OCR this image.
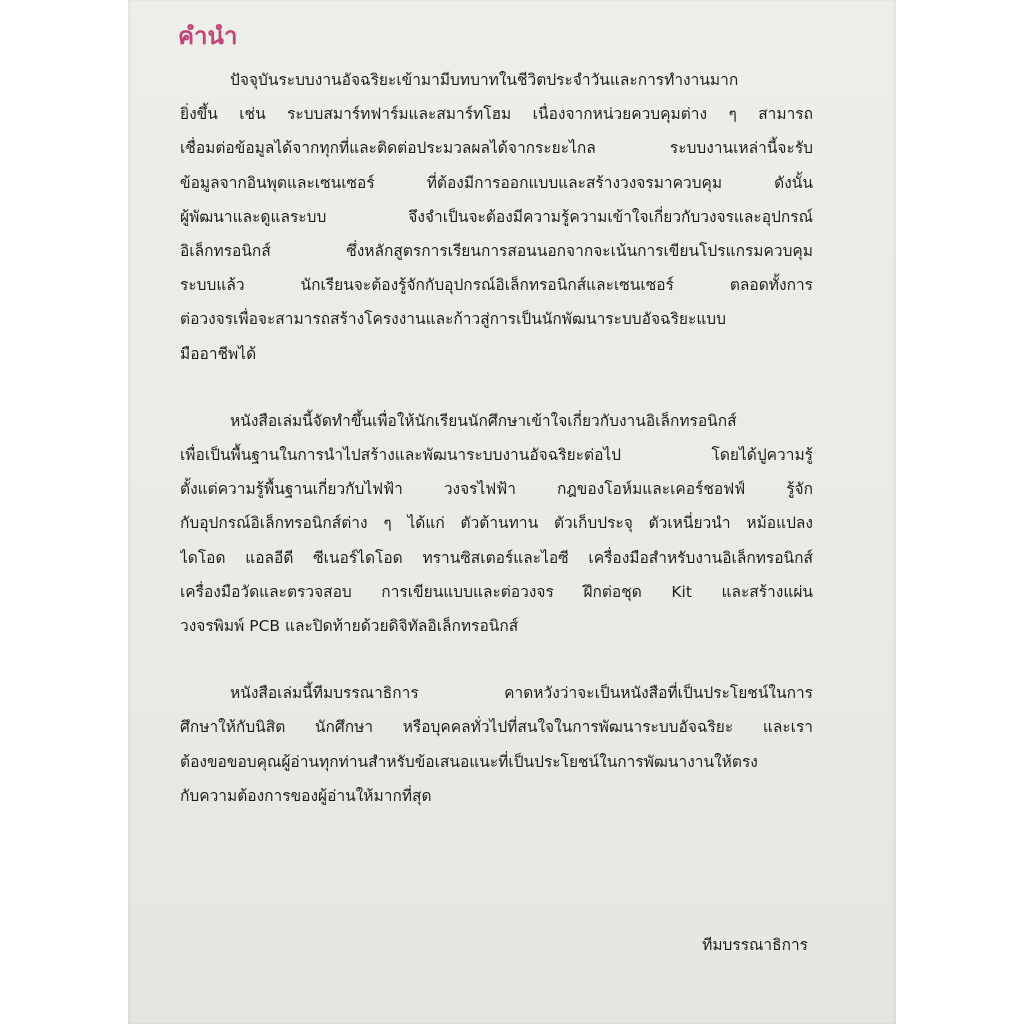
คำนำ
ปัจจุบันระบบงานอัจฉริยะเข้ามามีบทบาทในชีวิตประจำวันและการทำงานมาก
ยิ่งขึ้น เช่น ระบบสมาร์ทฟาร์มและสมาร์ทโฮม เนื่องจากหน่วยควบคุมต่าง ๆ สามารถ
เชื่อมต่อข้อมูลได้จากทุกที่และติดต่อประมวลผลได้จากระยะไกล ระบบงานเหล่านี้จะรับ
ข้อมูลจากอินพุตและเซนเซอร์ ที่ต้องมีการออกแบบและสร้างวงจรมาควบคุม ดังนั้น
ผู้พัฒนาและดูแลระบบ จึงจำเป็นจะต้องมีความรู้ความเข้าใจเกี่ยวกับวงจรและอุปกรณ์
อิเล็กทรอนิกส์ ซึ่งหลักสูตรการเรียนการสอนนอกจากจะเน้นการเขียนโปรแกรมควบคุม
ระบบแล้ว นักเรียนจะต้องรู้จักกับอุปกรณ์อิเล็กทรอนิกส์และเซนเซอร์ ตลอดทั้งการ
ต่อวงจรเพื่อจะสามารถสร้างโครงงานและก้าวสู่การเป็นนักพัฒนาระบบอัจฉริยะแบบ
มืออาชีพได้
หนังสือเล่มนี้จัดทำขึ้นเพื่อให้นักเรียนนักศึกษาเข้าใจเกี่ยวกับงานอิเล็กทรอนิกส์
เพื่อเป็นพื้นฐานในการนำไปสร้างและพัฒนาระบบงานอัจฉริยะต่อไป โดยได้ปูความรู้
ตั้งแต่ความรู้พื้นฐานเกี่ยวกับไฟฟ้า วงจรไฟฟ้า กฎของโอห์มและเคอร์ชอฟฟ์ รู้จัก
กับอุปกรณ์อิเล็กทรอนิกส์ต่าง ๆ ได้แก่ ตัวต้านทาน ตัวเก็บประจุ ตัวเหนี่ยวนำ หม้อแปลง
ไดโอด แอลอีดี ซีเนอร์ไดโอด ทรานซิสเตอร์และไอซี เครื่องมือสำหรับงานอิเล็กทรอนิกส์
เครื่องมือวัดและตรวจสอบ การเขียนแบบและต่อวงจร ฝึกต่อชุด Kit และสร้างแผ่น
วงจรพิมพ์ PCB และปิดท้ายด้วยดิจิทัลอิเล็กทรอนิกส์
หนังสือเล่มนี้ทีมบรรณาธิการ คาดหวังว่าจะเป็นหนังสือที่เป็นประโยชน์ในการ
ศึกษาให้กับนิสิต นักศึกษา หรือบุคคลทั่วไปที่สนใจในการพัฒนาระบบอัจฉริยะ และเรา
ต้องขอขอบคุณผู้อ่านทุกท่านสำหรับข้อเสนอแนะที่เป็นประโยชน์ในการพัฒนางานให้ตรง
กับความต้องการของผู้อ่านให้มากที่สุด
ทีมบรรณาธิการ
